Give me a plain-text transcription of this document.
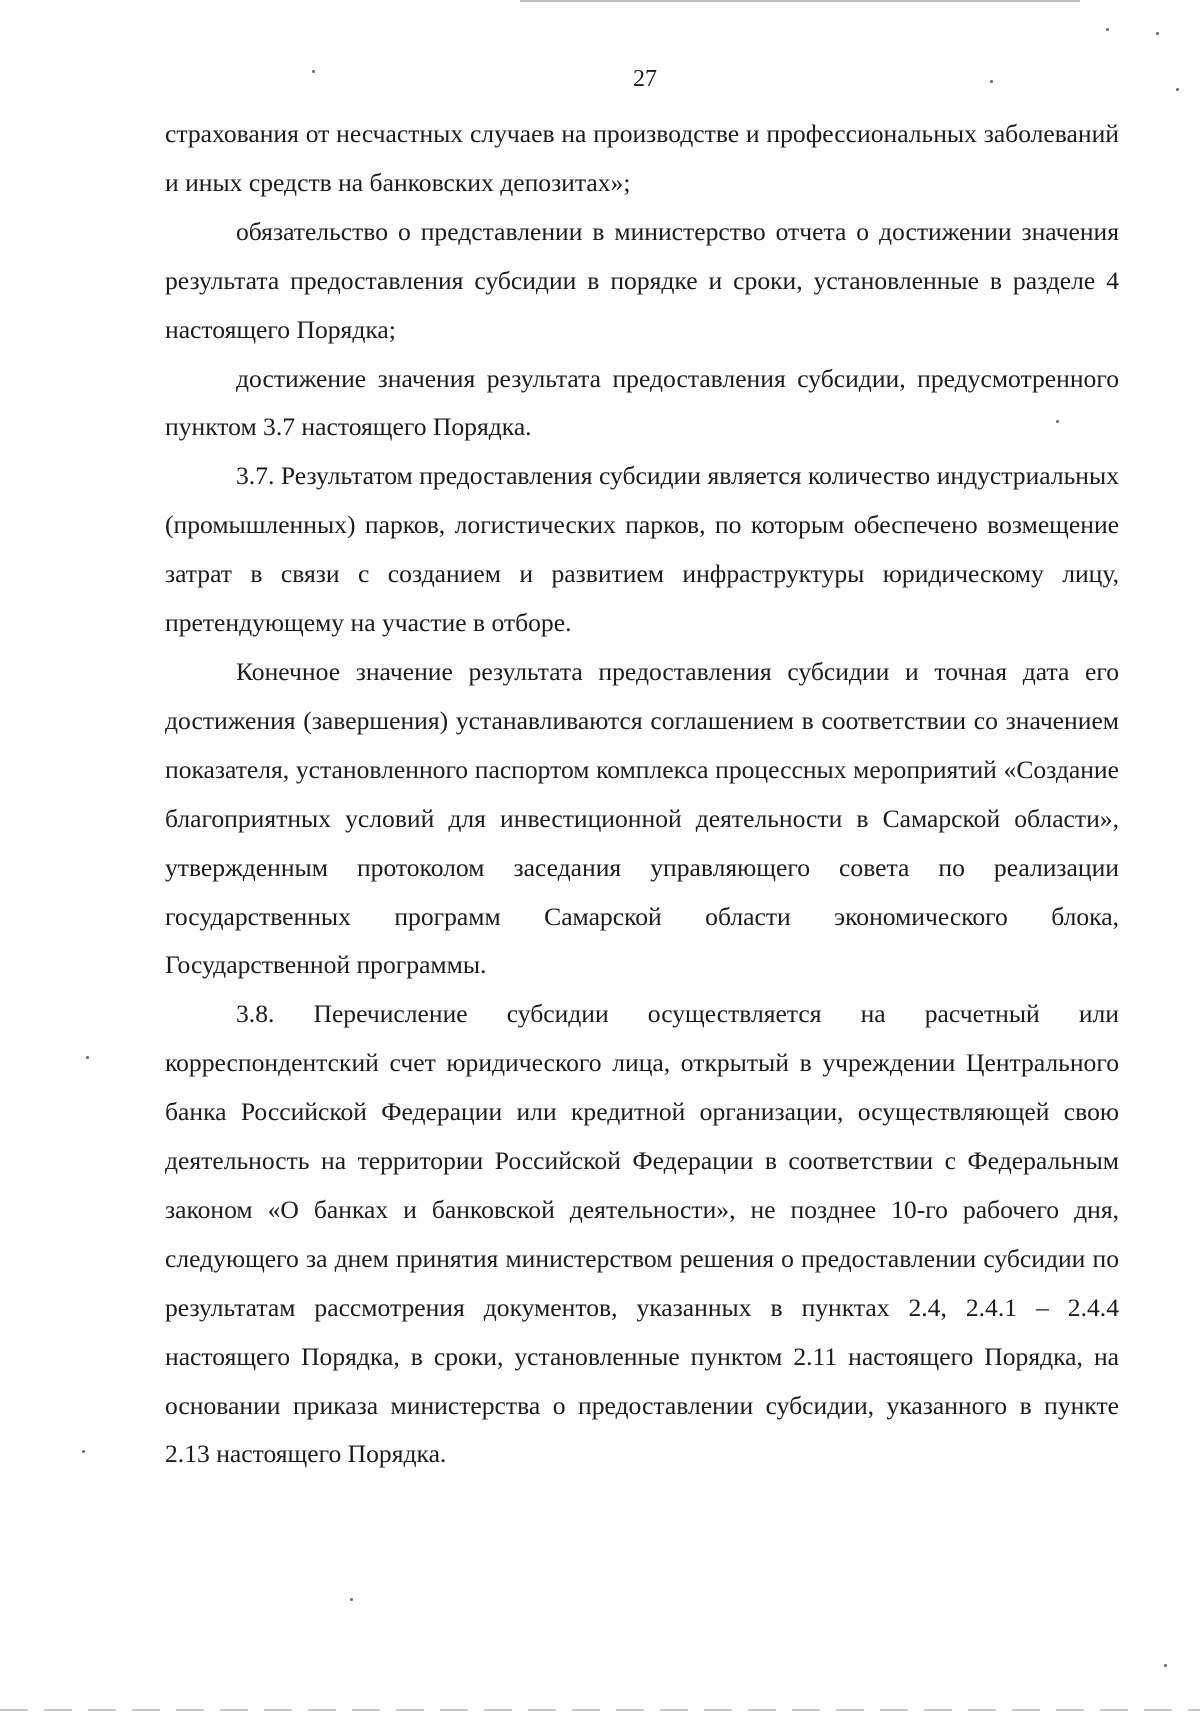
27

страхования от несчастных случаев на производстве и профессиональных заболеваний и иных средств на банковских депозитах»;

обязательство о представлении в министерство отчета о достижении значения результата предоставления субсидии в порядке и сроки, установленные в разделе 4 настоящего Порядка;

достижение значения результата предоставления субсидии, предусмотренного пунктом 3.7 настоящего Порядка.

3.7. Результатом предоставления субсидии является количество индустриальных (промышленных) парков, логистических парков, по которым обеспечено возмещение затрат в связи с созданием и развитием инфраструктуры юридическому лицу, претендующему на участие в отборе.

Конечное значение результата предоставления субсидии и точная дата его достижения (завершения) устанавливаются соглашением в соответствии со значением показателя, установленного паспортом комплекса процессных мероприятий «Создание благоприятных условий для инвестиционной деятельности в Самарской области», утвержденным протоколом заседания управляющего совета по реализации государственных программ Самарской области экономического блока, Государственной программы.

3.8. Перечисление субсидии осуществляется на расчетный или корреспондентский счет юридического лица, открытый в учреждении Центрального банка Российской Федерации или кредитной организации, осуществляющей свою деятельность на территории Российской Федерации в соответствии с Федеральным законом «О банках и банковской деятельности», не позднее 10-го рабочего дня, следующего за днем принятия министерством решения о предоставлении субсидии по результатам рассмотрения документов, указанных в пунктах 2.4, 2.4.1 – 2.4.4 настоящего Порядка, в сроки, установленные пунктом 2.11 настоящего Порядка, на основании приказа министерства о предоставлении субсидии, указанного в пункте 2.13 настоящего Порядка.
